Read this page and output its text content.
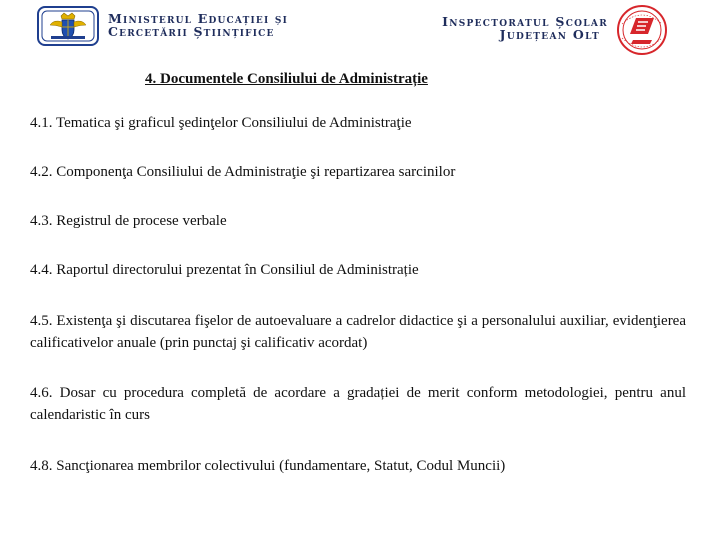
Ministerul Educației și
Cercetării Științifice
Inspectoratul Școlar
Județean Olt
4. Documentele Consiliului de Administrație

4.1. Tematica şi graficul şedinţelor Consiliului de Administraţie

4.2. Componenţa Consiliului de Administraţie şi repartizarea sarcinilor

4.3. Registrul de procese verbale

4.4. Raportul directorului prezentat în Consiliul de Administrație

4.5. Existenţa şi discutarea fişelor de autoevaluare a cadrelor didactice şi a personalului auxiliar, evidenţierea calificativelor anuale (prin punctaj şi calificativ acordat)

4.6. Dosar cu procedura completă de acordare a gradației de merit conform metodologiei, pentru anul calendaristic în curs

4.8. Sancţionarea membrilor colectivului (fundamentare, Statut, Codul Muncii)
